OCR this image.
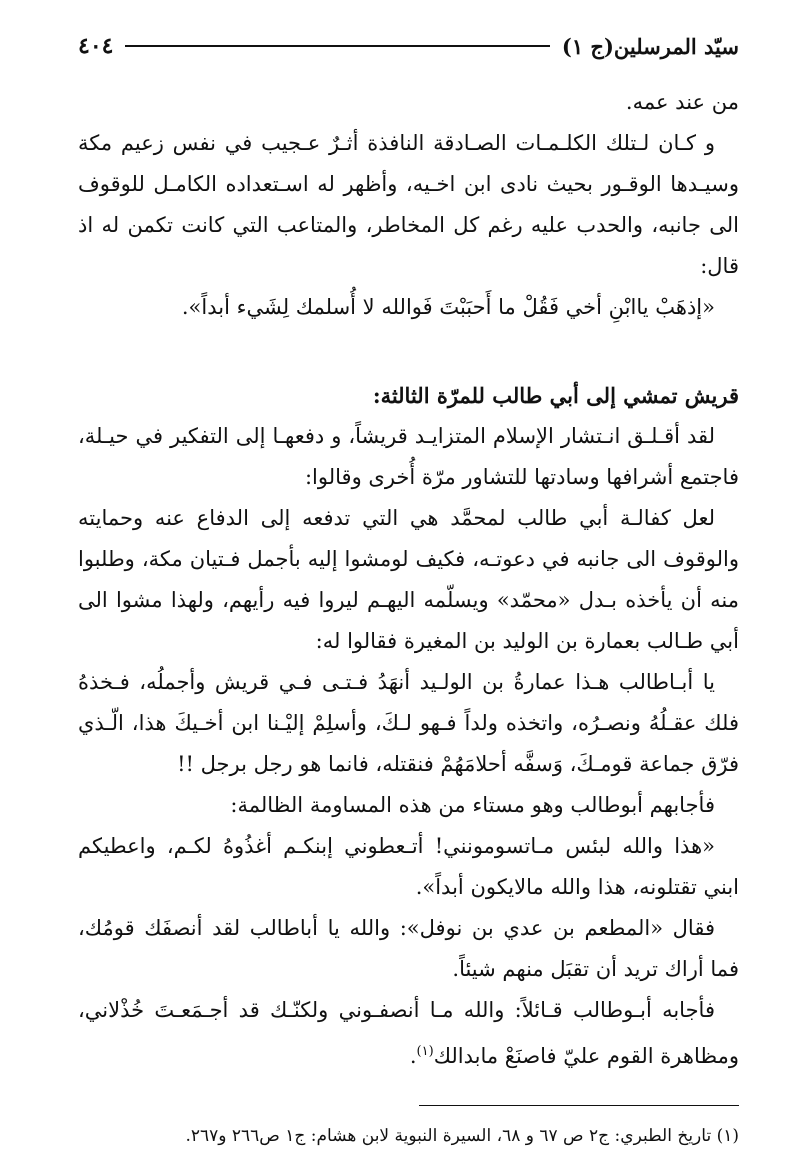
سيّد المرسلين(ج ١)
٤٠٤

من عند عمه.

و كـان لـتلك الكلـمـات الصـادقة النافذة أثـرٌ عـجيب في نفس زعيم مكة وسيـدها الوقـور بحيث نادى ابن اخـيه، وأظهر له اسـتعداده الكامـل للوقوف الى جانبه، والحدب عليه رغم كل المخاطر، والمتاعب التي كانت تكمن له اذ قال:

«إذهَبْ ياابْنِ أخي فَقُلْ ما أَحبَبْتَ فَوالله لا أُسلمك لِشَيء أبداً».

قريش تمشي إلى أبي طالب للمرّة الثالثة:

لقد أقـلـق انـتشار الإسلام المتزايـد قريشاً، و دفعهـا إلى التفكير في حيـلة، فاجتمع أشرافها وسادتها للتشاور مرّة أُخرى وقالوا:

لعل كفالـة أبي طالب لمحمَّد هي التي تدفعه إلى الدفاع عنه وحمايته والوقوف الى جانبه في دعوتـه، فكيف لومشوا إليه بأجمل فـتيان مكة، وطلبوا منه أن يأخذه بـدل «محمّد» ويسلّمه اليهـم ليروا فيه رأيهم، ولهذا مشوا الى أبي طـالب بعمارة بن الوليد بن المغيرة فقالوا له:

يا أبـاطالب هـذا عمارةُ بن الولـيد أنهَدُ فـتـى فـي قريش وأجملُه، فـخذهُ فلك عقـلُهُ ونصـرُه، واتخذه ولداً فـهو لـكَ، وأسلِمْ إليْـنا ابن أخـيكَ هذا، الّـذي فرّق جماعة قومـكَ، وَسفَّه أحلامَهُمْ فنقتله، فانما هو رجل برجل !!

فأجابهم أبوطالب وهو مستاء من هذه المساومة الظالمة:

«هذا والله لبئس مـاتسومونني! أتـعطوني إبنكـم أغذُوهُ لكـم، واعطيكم ابني تقتلونه، هذا والله مالايكون أبداً».

فقال «المطعم بن عدي بن نوفل»: والله يا أباطالب لقد أنصفَك قومُك، فما أراك تريد أن تقبَل منهم شيئاً.

فأجابه أبـوطالب قـائلاً: والله مـا أنصفـوني ولكنّـك قد أجـمَعـتَ خُذْلاني، ومظاهرة القوم عليّ فاصنَعْ مابدالك$^{(١)}$.

(١) تاريخ الطبري: ج٢ ص ٦٧ و ٦٨، السيرة النبوية لابن هشام: ج١ ص٢٦٦ و٢٦٧.
